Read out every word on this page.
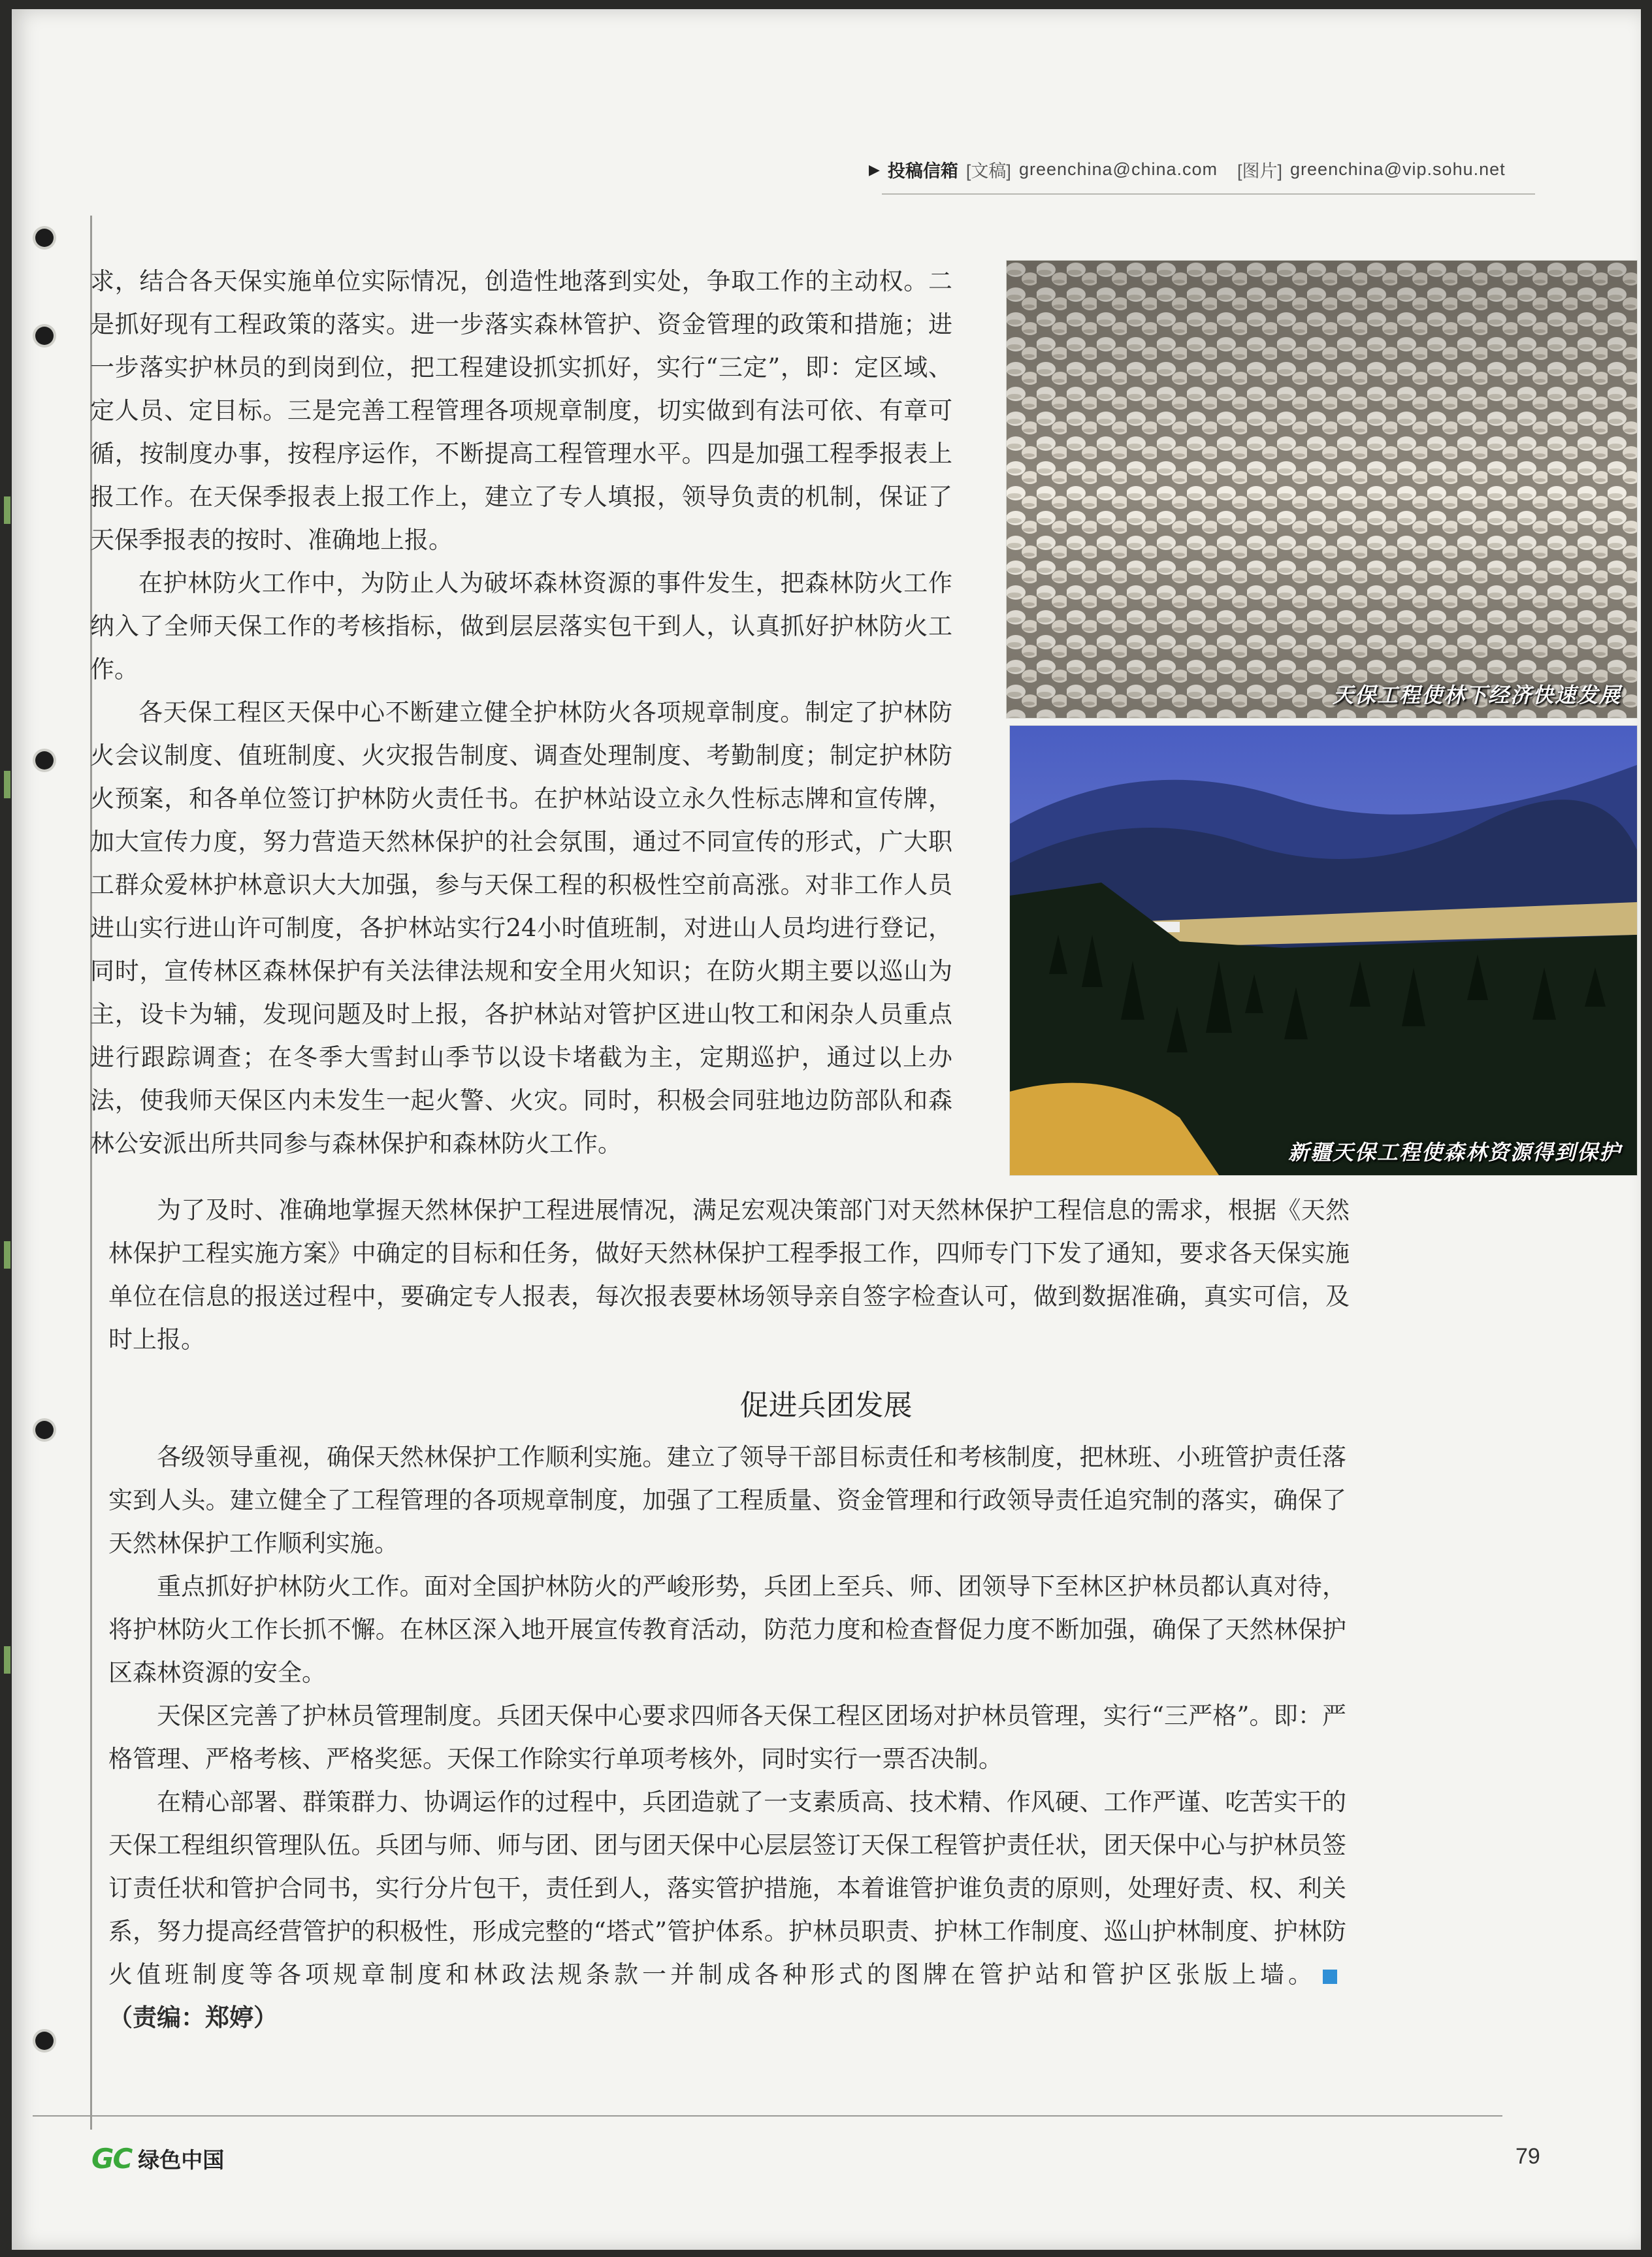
▶ 投稿信箱 [文稿] greenchina@china.com [图片] greenchina@vip.sohu.net

求，结合各天保实施单位实际情况，创造性地落到实处，争取工作的主动权。二是抓好现有工程政策的落实。进一步落实森林管护、资金管理的政策和措施；进一步落实护林员的到岗到位，把工程建设抓实抓好，实行“三定”，即：定区域、定人员、定目标。三是完善工程管理各项规章制度，切实做到有法可依、有章可循，按制度办事，按程序运作，不断提高工程管理水平。四是加强工程季报表上报工作。在天保季报表上报工作上，建立了专人填报，领导负责的机制，保证了天保季报表的按时、准确地上报。

在护林防火工作中，为防止人为破坏森林资源的事件发生，把森林防火工作纳入了全师天保工作的考核指标，做到层层落实包干到人，认真抓好护林防火工作。

各天保工程区天保中心不断建立健全护林防火各项规章制度。制定了护林防火会议制度、值班制度、火灾报告制度、调查处理制度、考勤制度；制定护林防火预案，和各单位签订护林防火责任书。在护林站设立永久性标志牌和宣传牌，加大宣传力度，努力营造天然林保护的社会氛围，通过不同宣传的形式，广大职工群众爱林护林意识大大加强，参与天保工程的积极性空前高涨。对非工作人员进山实行进山许可制度，各护林站实行24小时值班制，对进山人员均进行登记，同时，宣传林区森林保护有关法律法规和安全用火知识；在防火期主要以巡山为主，设卡为辅，发现问题及时上报，各护林站对管护区进山牧工和闲杂人员重点进行跟踪调查；在冬季大雪封山季节以设卡堵截为主，定期巡护，通过以上办法，使我师天保区内未发生一起火警、火灾。同时，积极会同驻地边防部队和森林公安派出所共同参与森林保护和森林防火工作。

天保工程使林下经济快速发展
新疆天保工程使森林资源得到保护

为了及时、准确地掌握天然林保护工程进展情况，满足宏观决策部门对天然林保护工程信息的需求，根据《天然林保护工程实施方案》中确定的目标和任务，做好天然林保护工程季报工作，四师专门下发了通知，要求各天保实施单位在信息的报送过程中，要确定专人报表，每次报表要林场领导亲自签字检查认可，做到数据准确，真实可信，及时上报。

促进兵团发展

各级领导重视，确保天然林保护工作顺利实施。建立了领导干部目标责任和考核制度，把林班、小班管护责任落实到人头。建立健全了工程管理的各项规章制度，加强了工程质量、资金管理和行政领导责任追究制的落实，确保了天然林保护工作顺利实施。

重点抓好护林防火工作。面对全国护林防火的严峻形势，兵团上至兵、师、团领导下至林区护林员都认真对待，将护林防火工作长抓不懈。在林区深入地开展宣传教育活动，防范力度和检查督促力度不断加强，确保了天然林保护区森林资源的安全。

天保区完善了护林员管理制度。兵团天保中心要求四师各天保工程区团场对护林员管理，实行“三严格”。即：严格管理、严格考核、严格奖惩。天保工作除实行单项考核外，同时实行一票否决制。

在精心部署、群策群力、协调运作的过程中，兵团造就了一支素质高、技术精、作风硬、工作严谨、吃苦实干的天保工程组织管理队伍。兵团与师、师与团、团与团天保中心层层签订天保工程管护责任状，团天保中心与护林员签订责任状和管护合同书，实行分片包干，责任到人，落实管护措施，本着谁管护谁负责的原则，处理好责、权、利关系，努力提高经营管护的积极性，形成完整的“塔式”管护体系。护林员职责、护林工作制度、巡山护林制度、护林防火值班制度等各项规章制度和林政法规条款一并制成各种形式的图牌在管护站和管护区张版上墙。（责编：郑婷）

GC 绿色中国	79
